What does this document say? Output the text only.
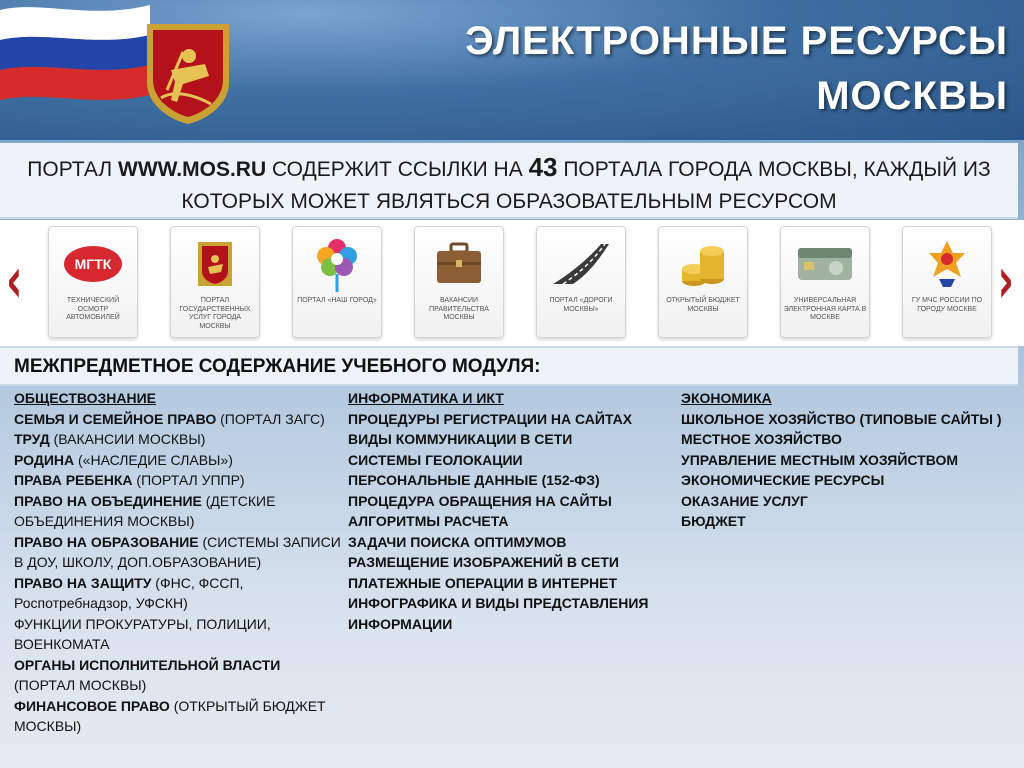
ЭЛЕКТРОННЫЕ РЕСУРСЫ
МОСКВЫ
ПОРТАЛ WWW.MOS.RU СОДЕРЖИТ ССЫЛКИ НА 43 ПОРТАЛА ГОРОДА МОСКВЫ, КАЖДЫЙ ИЗ КОТОРЫХ МОЖЕТ ЯВЛЯТЬСЯ ОБРАЗОВАТЕЛЬНЫМ РЕСУРСОМ
‹	›
МГТК
ТЕХНИЧЕСКИЙ ОСМОТР АВТОМОБИЛЕЙ
ПОРТАЛ ГОСУДАРСТВЕННЫХ УСЛУГ ГОРОДА МОСКВЫ
ПОРТАЛ «НАШ ГОРОД»	ВАКАНСИИ ПРАВИТЕЛЬСТВА МОСКВЫ
ПОРТАЛ «ДОРОГИ МОСКВЫ»
ОТКРЫТЫЙ БЮДЖЕТ МОСКВЫ
УНИВЕРСАЛЬНАЯ ЭЛЕКТРОННАЯ КАРТА В МОСКВЕ
ГУ МЧС РОССИИ ПО ГОРОДУ МОСКВЕ
МЕЖПРЕДМЕТНОЕ СОДЕРЖАНИЕ УЧЕБНОГО МОДУЛЯ:
ОБЩЕСТВОЗНАНИЕ
СЕМЬЯ И СЕМЕЙНОЕ ПРАВО (ПОРТАЛ ЗАГС)
ТРУД (ВАКАНСИИ МОСКВЫ)
РОДИНА («НАСЛЕДИЕ СЛАВЫ»)
ПРАВА РЕБЕНКА (ПОРТАЛ УППР)
ПРАВО НА ОБЪЕДИНЕНИЕ (ДЕТСКИЕ ОБЪЕДИНЕНИЯ МОСКВЫ)
ПРАВО НА ОБРАЗОВАНИЕ (СИСТЕМЫ ЗАПИСИ В ДОУ, ШКОЛУ, ДОП.ОБРАЗОВАНИЕ)
ПРАВО НА ЗАЩИТУ (ФНС, ФССП, Роспотребнадзор, УФСКН)
ФУНКЦИИ ПРОКУРАТУРЫ, ПОЛИЦИИ, ВОЕНКОМАТА
ОРГАНЫ ИСПОЛНИТЕЛЬНОЙ ВЛАСТИ (ПОРТАЛ МОСКВЫ)
ФИНАНСОВОЕ ПРАВО (ОТКРЫТЫЙ БЮДЖЕТ МОСКВЫ)
ИНФОРМАТИКА И ИКТ
ПРОЦЕДУРЫ РЕГИСТРАЦИИ НА САЙТАХ
ВИДЫ КОММУНИКАЦИИ В СЕТИ
СИСТЕМЫ ГЕОЛОКАЦИИ
ПЕРСОНАЛЬНЫЕ ДАННЫЕ (152-ФЗ)
ПРОЦЕДУРА ОБРАЩЕНИЯ НА САЙТЫ
АЛГОРИТМЫ РАСЧЕТА
ЗАДАЧИ ПОИСКА ОПТИМУМОВ
РАЗМЕЩЕНИЕ ИЗОБРАЖЕНИЙ В СЕТИ
ПЛАТЕЖНЫЕ ОПЕРАЦИИ В ИНТЕРНЕТ
ИНФОГРАФИКА И ВИДЫ ПРЕДСТАВЛЕНИЯ ИНФОРМАЦИИ
ЭКОНОМИКА
ШКОЛЬНОЕ ХОЗЯЙСТВО (ТИПОВЫЕ САЙТЫ )
МЕСТНОЕ ХОЗЯЙСТВО
УПРАВЛЕНИЕ МЕСТНЫМ ХОЗЯЙСТВОМ
ЭКОНОМИЧЕСКИЕ РЕСУРСЫ
ОКАЗАНИЕ УСЛУГ
БЮДЖЕТ
